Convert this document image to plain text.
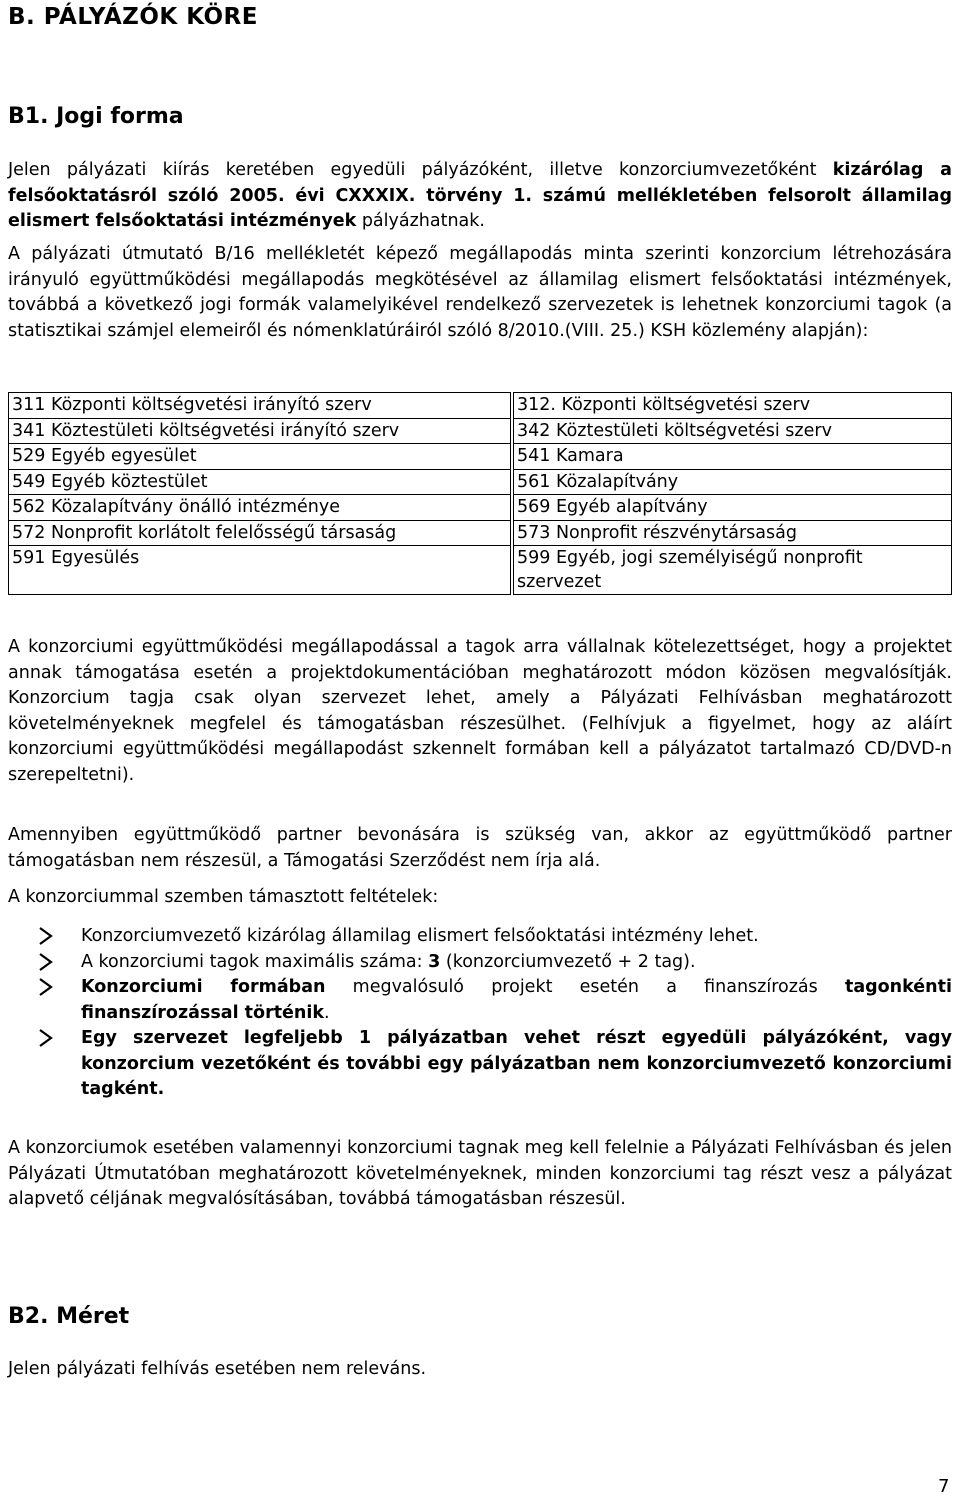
B. PÁLYÁZÓK KÖRE
B1. Jogi forma
Jelen pályázati kiírás keretében egyedüli pályázóként, illetve konzorciumvezetőként kizárólag a felsőoktatásról szóló 2005. évi CXXXIX. törvény 1. számú mellékletében felsorolt államilag elismert felsőoktatási intézmények pályázhatnak.
A pályázati útmutató B/16 mellékletét képező megállapodás minta szerinti konzorcium létrehozására irányuló együttműködési megállapodás megkötésével az államilag elismert felsőoktatási intézmények, továbbá a következő jogi formák valamelyikével rendelkező szervezetek is lehetnek konzorciumi tagok (a statisztikai számjel elemeiről és nómenklatúráiról szóló 8/2010.(VIII. 25.) KSH közlemény alapján):
311 Központi költségvetési irányító szerv		312. Központi költségvetési szerv
341 Köztestületi költségvetési irányító szerv		342 Köztestületi költségvetési szerv
529 Egyéb egyesület		541 Kamara
549 Egyéb köztestület		561 Közalapítvány
562 Közalapítvány önálló intézménye		569 Egyéb alapítvány
572 Nonprofit korlátolt felelősségű társaság		573 Nonprofit részvénytársaság
591 Egyesülés		599 Egyéb, jogi személyiségű nonprofit szervezet
A konzorciumi együttműködési megállapodással a tagok arra vállalnak kötelezettséget, hogy a projektet annak támogatása esetén a projektdokumentációban meghatározott módon közösen megvalósítják. Konzorcium tagja csak olyan szervezet lehet, amely a Pályázati Felhívásban meghatározott követelményeknek megfelel és támogatásban részesülhet. (Felhívjuk a figyelmet, hogy az aláírt konzorciumi együttműködési megállapodást szkennelt formában kell a pályázatot tartalmazó CD/DVD-n szerepeltetni).
Amennyiben együttműködő partner bevonására is szükség van, akkor az együttműködő partner támogatásban nem részesül, a Támogatási Szerződést nem írja alá.
A konzorciummal szemben támasztott feltételek:
Konzorciumvezető kizárólag államilag elismert felsőoktatási intézmény lehet.
A konzorciumi tagok maximális száma: 3 (konzorciumvezető + 2 tag).
Konzorciumi formában megvalósuló projekt esetén a finanszírozás tagonkénti finanszírozással történik.
Egy szervezet legfeljebb 1 pályázatban vehet részt egyedüli pályázóként, vagy konzorcium vezetőként és további egy pályázatban nem konzorciumvezető konzorciumi tagként.
A konzorciumok esetében valamennyi konzorciumi tagnak meg kell felelnie a Pályázati Felhívásban és jelen Pályázati Útmutatóban meghatározott követelményeknek, minden konzorciumi tag részt vesz a pályázat alapvető céljának megvalósításában, továbbá támogatásban részesül.
B2. Méret
Jelen pályázati felhívás esetében nem releváns.
7
